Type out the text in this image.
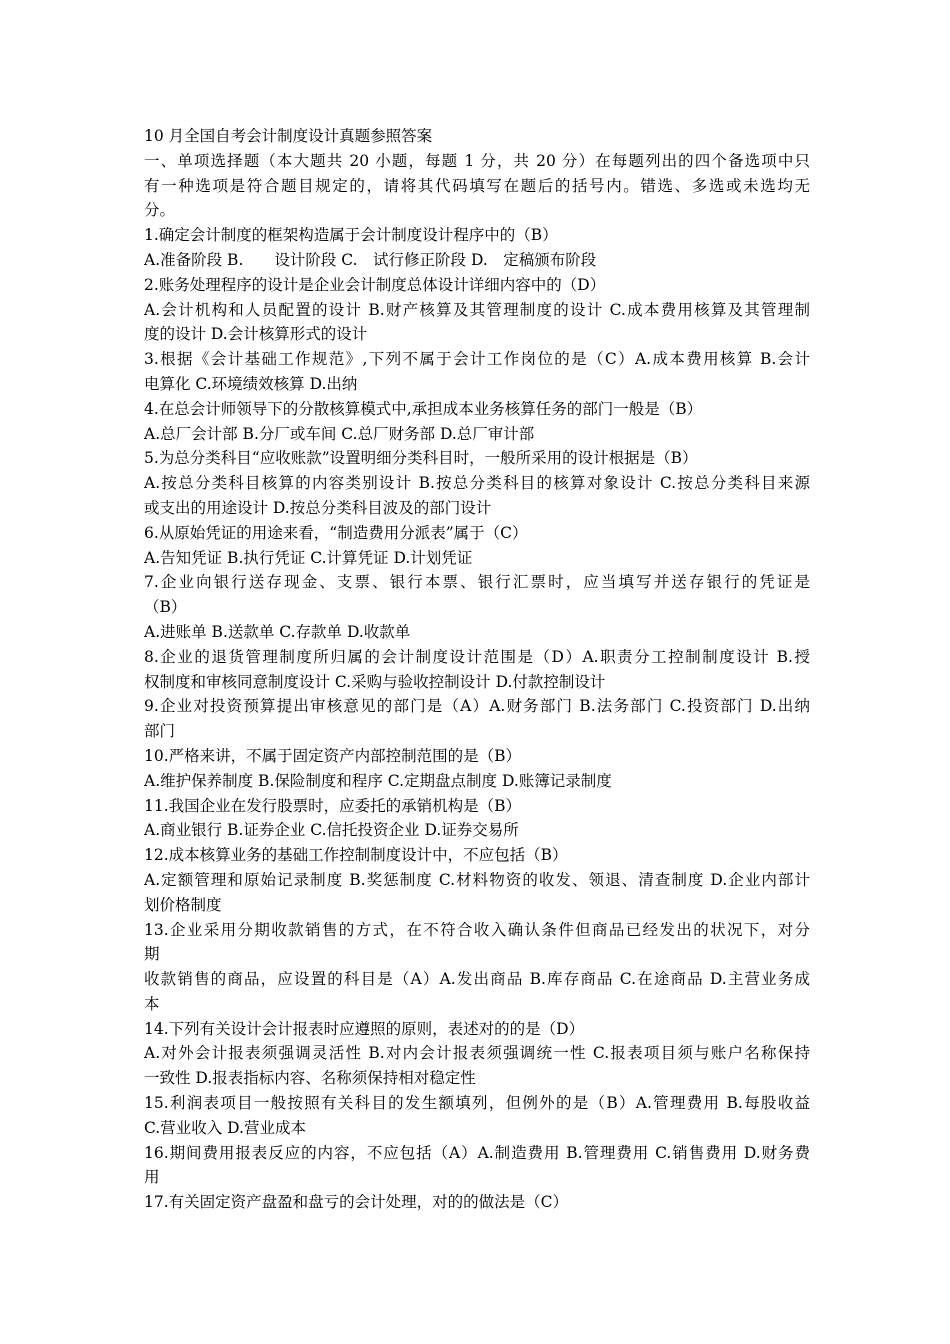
10 月全国自考会计制度设计真题参照答案
一、单项选择题（本大题共 20 小题，每题 1 分，共 20 分）在每题列出的四个备选项中只
有一种选项是符合题目规定的，请将其代码填写在题后的括号内。错选、多选或未选均无
分。
1.确定会计制度的框架构造属于会计制度设计程序中的（B）
A.准备阶段 B.　　设计阶段 C.　试行修正阶段 D.　定稿颁布阶段
2.账务处理程序的设计是企业会计制度总体设计详细内容中的（D）
A.会计机构和人员配置的设计 B.财产核算及其管理制度的设计 C.成本费用核算及其管理制
度的设计 D.会计核算形式的设计
3.根据《会计基础工作规范》,下列不属于会计工作岗位的是（C）A.成本费用核算 B.会计
电算化 C.环境绩效核算 D.出纳
4.在总会计师领导下的分散核算模式中,承担成本业务核算任务的部门一般是（B）
A.总厂会计部 B.分厂或车间 C.总厂财务部 D.总厂审计部
5.为总分类科目“应收账款”设置明细分类科目时，一般所采用的设计根据是（B）
A.按总分类科目核算的内容类别设计 B.按总分类科目的核算对象设计 C.按总分类科目来源
或支出的用途设计 D.按总分类科目波及的部门设计
6.从原始凭证的用途来看，“制造费用分派表”属于（C）
A.告知凭证 B.执行凭证 C.计算凭证 D.计划凭证
7.企业向银行送存现金、支票、银行本票、银行汇票时，应当填写并送存银行的凭证是
（B）
A.进账单 B.送款单 C.存款单 D.收款单
8.企业的退货管理制度所归属的会计制度设计范围是（D）A.职责分工控制制度设计 B.授
权制度和审核同意制度设计 C.采购与验收控制设计 D.付款控制设计
9.企业对投资预算提出审核意见的部门是（A）A.财务部门 B.法务部门 C.投资部门 D.出纳
部门
10.严格来讲，不属于固定资产内部控制范围的是（B）
A.维护保养制度 B.保险制度和程序 C.定期盘点制度 D.账簿记录制度
11.我国企业在发行股票时，应委托的承销机构是（B）
A.商业银行 B.证券企业 C.信托投资企业 D.证券交易所
12.成本核算业务的基础工作控制制度设计中，不应包括（B）
A.定额管理和原始记录制度 B.奖惩制度 C.材料物资的收发、领退、清查制度 D.企业内部计
划价格制度
13.企业采用分期收款销售的方式，在不符合收入确认条件但商品已经发出的状况下，对分
期
收款销售的商品，应设置的科目是（A）A.发出商品 B.库存商品 C.在途商品 D.主营业务成
本
14.下列有关设计会计报表时应遵照的原则，表述对的的是（D）
A.对外会计报表须强调灵活性 B.对内会计报表须强调统一性 C.报表项目须与账户名称保持
一致性 D.报表指标内容、名称须保持相对稳定性
15.利润表项目一般按照有关科目的发生额填列，但例外的是（B）A.管理费用 B.每股收益
C.营业收入 D.营业成本
16.期间费用报表反应的内容，不应包括（A）A.制造费用 B.管理费用 C.销售费用 D.财务费
用
17.有关固定资产盘盈和盘亏的会计处理，对的的做法是（C）
